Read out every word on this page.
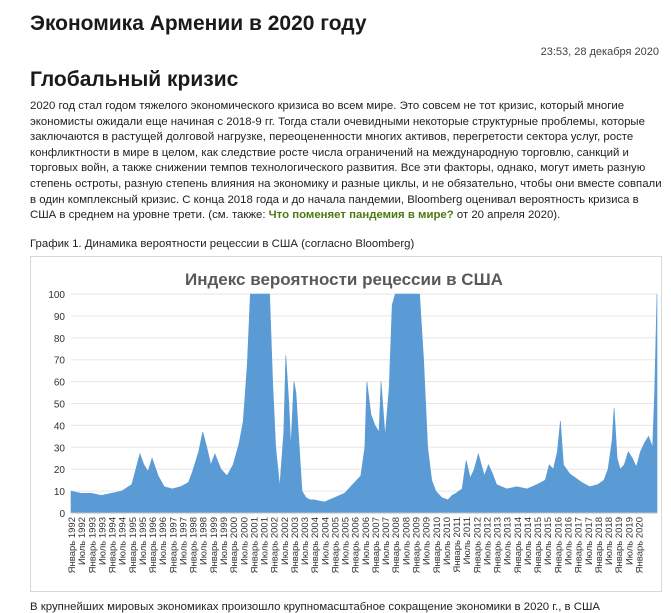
Экономика Армении в 2020 году
23:53, 28 декабря 2020
Глобальный кризис

2020 год стал годом тяжелого экономического кризиса во всем мире. Это совсем не тот кризис, который многие экономисты ожидали еще начиная с 2018-9 гг. Тогда стали очевидными некоторые структурные проблемы, которые заключаются в растущей долговой нагрузке, переоцененности многих активов, перегретости сектора услуг, росте конфликтности в мире в целом, как следствие росте числа ограничений на международную торговлю, санкций и торговых войн, а также снижении темпов технологического развития. Все эти факторы, однако, могут иметь разную степень остроты, разную степень влияния на экономику и разные циклы, и не обязательно, чтобы они вместе совпали в один комплексный кризис. С конца 2018 года и до начала пандемии, Bloomberg оценивал вероятность кризиса в США в среднем на уровне трети. (см. также: Что поменяет пандемия в мире? от 20 апреля 2020).

График 1. Динамика вероятности рецессии в США (согласно Bloomberg)

Индекс вероятности рецессии в США
0
10
20
30
40
50
60
70
80
90
100
Январь 1992 Июль 1992 Январь 1993 Июль 1993 Январь 1994 Июль 1994 Январь 1995 Июль 1995 Январь 1996 Июль 1996 Январь 1997 Июль 1997 Январь 1998 Июль 1998 Январь 1999 Июль 1999 Январь 2000 Июль 2000 Январь 2001 Июль 2001 Январь 2002 Июль 2002 Январь 2003 Июль 2003 Январь 2004 Июль 2004 Январь 2005 Июль 2005 Январь 2006 Июль 2006 Январь 2007 Июль 2007 Январь 2008 Июль 2008 Январь 2009 Июль 2009 Январь 2010 Июль 2010 Январь 2011 Июль 2011 Январь 2012 Июль 2012 Январь 2013 Июль 2013 Январь 2014 Июль 2014 Январь 2015 Июль 2015 Январь 2016 Июль 2016 Январь 2017 Июль 2017 Январь 2018 Июль 2018 Январь 2019 Июль 2019 Январь 2020

В крупнейших мировых экономиках произошло крупномасштабное сокращение экономики в 2020 г., в США
